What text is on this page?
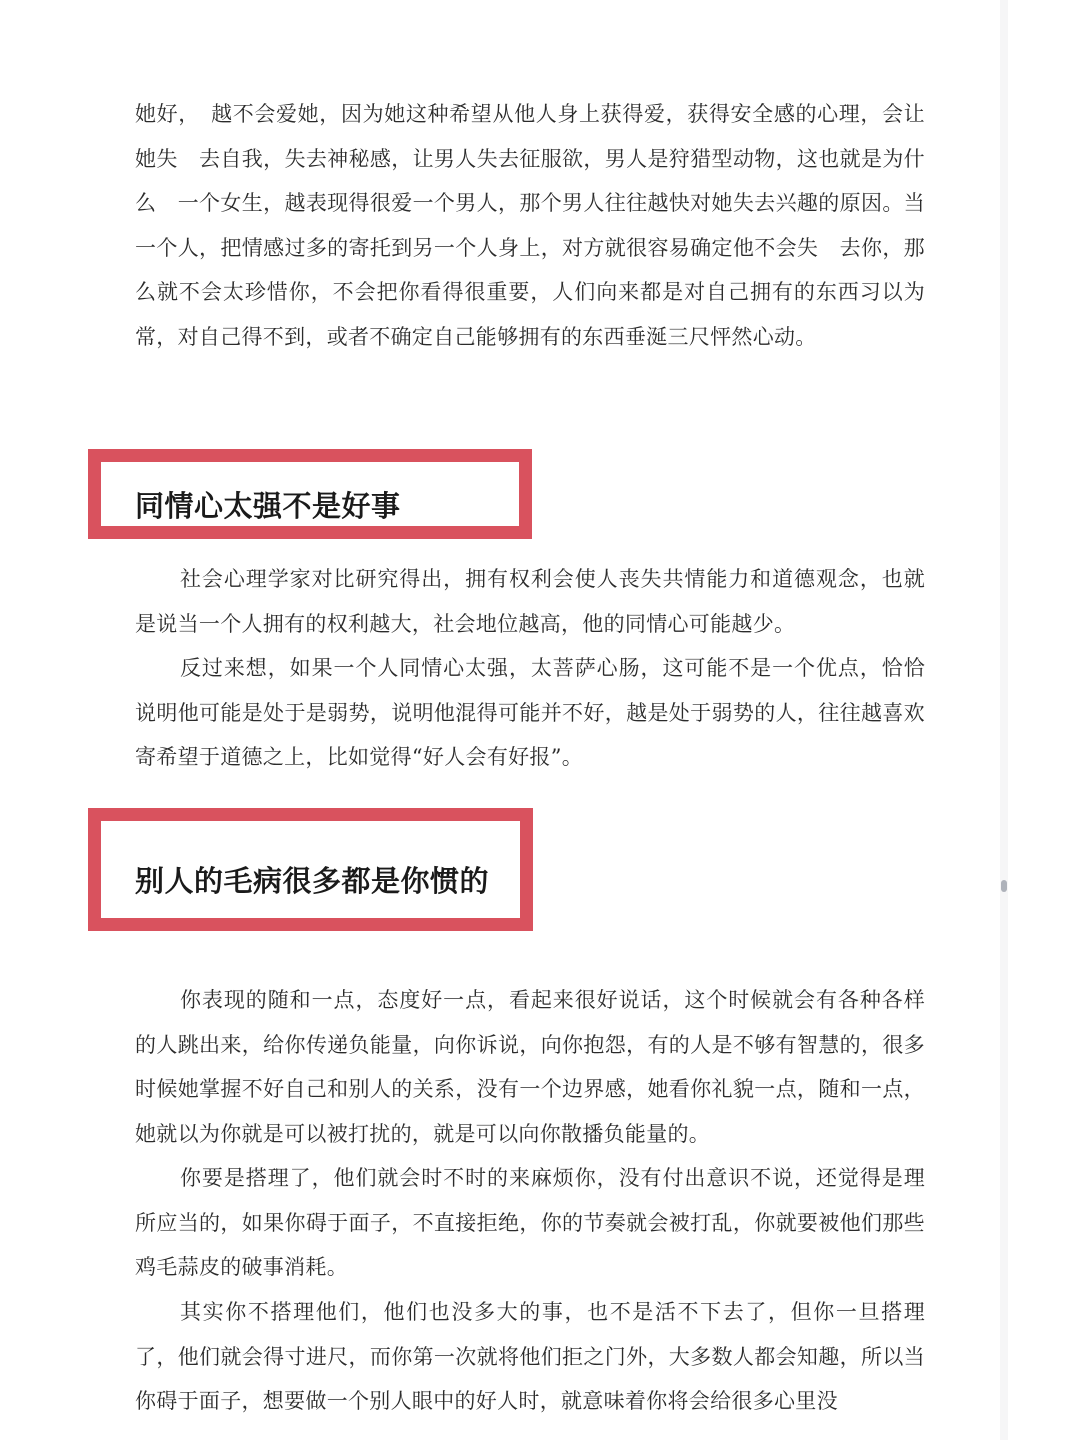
她好，　越不会爱她，因为她这种希望从他人身上获得爱，获得安全感的心理，会让她失　去自我，失去神秘感，让男人失去征服欲，男人是狩猎型动物，这也就是为什么　一个女生，越表现得很爱一个男人，那个男人往往越快对她失去兴趣的原因。当一个人，把情感过多的寄托到另一个人身上，对方就很容易确定他不会失　去你，那么就不会太珍惜你，不会把你看得很重要，人们向来都是对自己拥有的东西习以为常，对自己得不到，或者不确定自己能够拥有的东西垂涎三尺怦然心动。

同情心太强不是好事

社会心理学家对比研究得出，拥有权利会使人丧失共情能力和道德观念，也就是说当一个人拥有的权利越大，社会地位越高，他的同情心可能越少。

反过来想，如果一个人同情心太强，太菩萨心肠，这可能不是一个优点，恰恰说明他可能是处于是弱势，说明他混得可能并不好，越是处于弱势的人，往往越喜欢寄希望于道德之上，比如觉得“好人会有好报”。

别人的毛病很多都是你惯的

你表现的随和一点，态度好一点，看起来很好说话，这个时候就会有各种各样的人跳出来，给你传递负能量，向你诉说，向你抱怨，有的人是不够有智慧的，很多时候她掌握不好自己和别人的关系，没有一个边界感，她看你礼貌一点，随和一点，她就以为你就是可以被打扰的，就是可以向你散播负能量的。

你要是搭理了，他们就会时不时的来麻烦你，没有付出意识不说，还觉得是理所应当的，如果你碍于面子，不直接拒绝，你的节奏就会被打乱，你就要被他们那些鸡毛蒜皮的破事消耗。

其实你不搭理他们，他们也没多大的事，也不是活不下去了，但你一旦搭理了，他们就会得寸进尺，而你第一次就将他们拒之门外，大多数人都会知趣，所以当你碍于面子，想要做一个别人眼中的好人时，就意味着你将会给很多心里没
